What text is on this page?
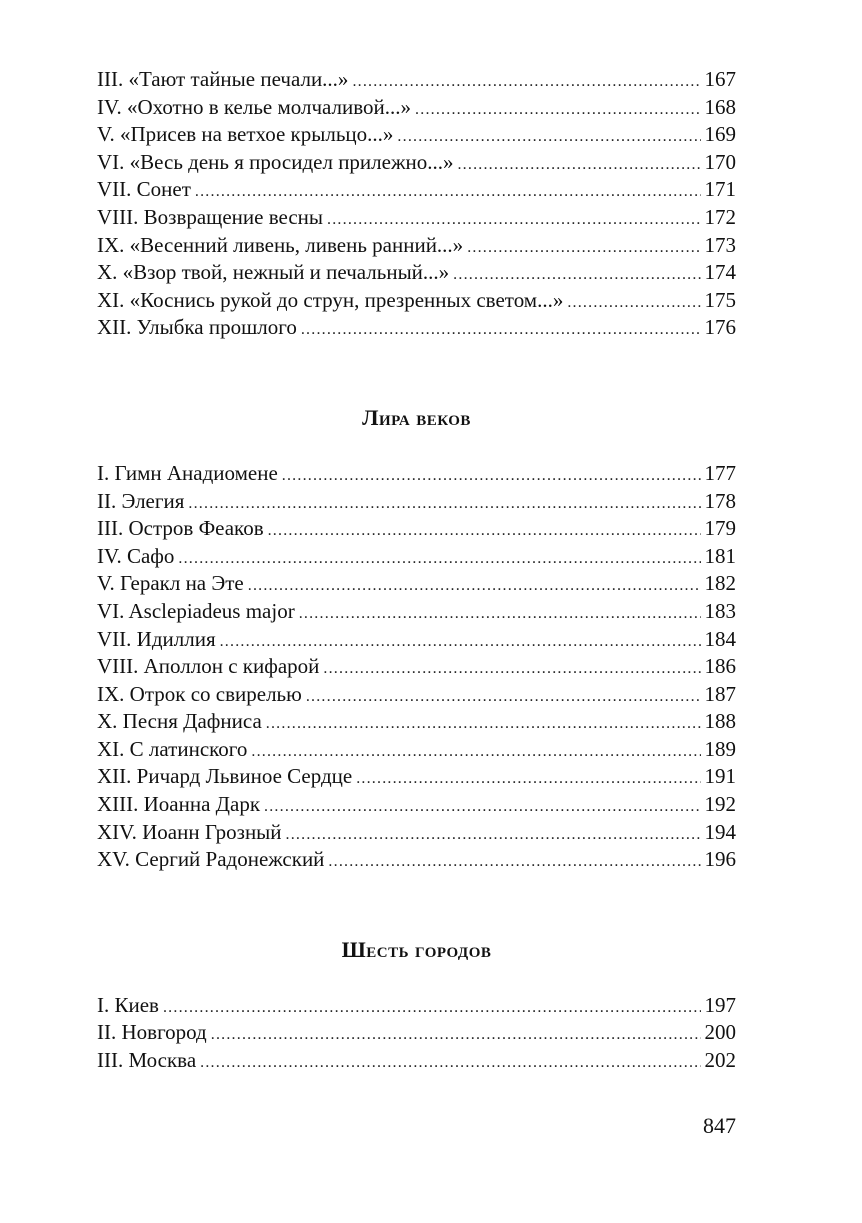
III. «Тают тайные печали...» .....	167
IV. «Охотно в келье молчаливой...» .....	168
V. «Присев на ветхое крыльцо...» .....	169
VI. «Весь день я просидел прилежно...» .....	170
VII. Сонет .....	171
VIII. Возвращение весны .....	172
IX. «Весенний ливень, ливень ранний...» .....	173
X. «Взор твой, нежный и печальный...» .....	174
XI. «Коснись рукой до струн, презренных светом...» .....	175
XII. Улыбка прошлого .....	176
Лира веков
I. Гимн Анадиомене .....	177
II. Элегия .....	178
III. Остров Феаков .....	179
IV. Сафо .....	181
V. Геракл на Эте .....	182
VI. Asclepiadeus major .....	183
VII. Идиллия .....	184
VIII. Аполлон с кифарой .....	186
IX. Отрок со свирелью .....	187
X. Песня Дафниса .....	188
XI. С латинского .....	189
XII. Ричард Львиное Сердце .....	191
XIII. Иоанна Дарк .....	192
XIV. Иоанн Грозный .....	194
XV. Сергий Радонежский .....	196
Шесть городов
I. Киев .....	197
II. Новгород .....	200
III. Москва .....	202
847
